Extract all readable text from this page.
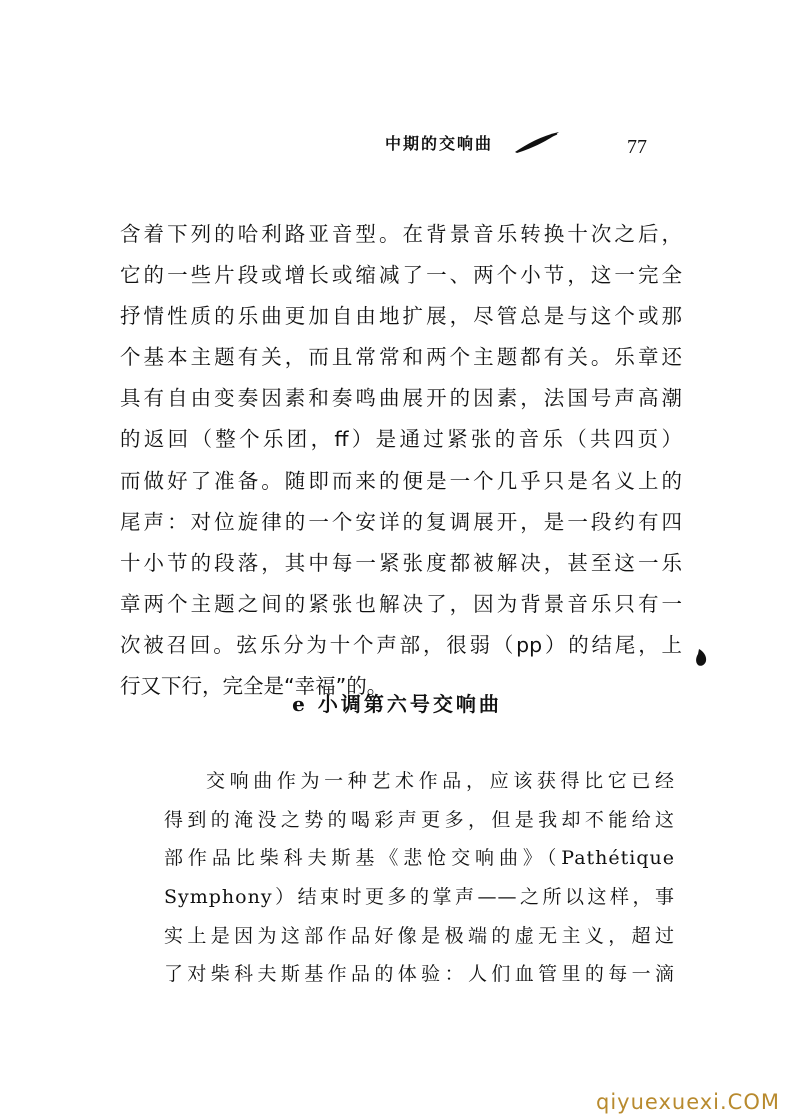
中期的交响曲	77
含着下列的哈利路亚音型。在背景音乐转换十次之后，
它的一些片段或增长或缩减了一、两个小节，这一完全
抒情性质的乐曲更加自由地扩展，尽管总是与这个或那
个基本主题有关，而且常常和两个主题都有关。乐章还
具有自由变奏因素和奏鸣曲展开的因素，法国号声高潮
的返回（整个乐团，ff）是通过紧张的音乐（共四页）
而做好了准备。随即而来的便是一个几乎只是名义上的
尾声：对位旋律的一个安详的复调展开，是一段约有四
十小节的段落，其中每一紧张度都被解决，甚至这一乐
章两个主题之间的紧张也解决了，因为背景音乐只有一
次被召回。弦乐分为十个声部，很弱（pp）的结尾，上
行又下行，完全是“幸福”的。
e 小调第六号交响曲
交响曲作为一种艺术作品，应该获得比它已经
得到的淹没之势的喝彩声更多，但是我却不能给这
部作品比柴科夫斯基《悲怆交响曲》（Pathétique
Symphony）结束时更多的掌声——之所以这样，事
实上是因为这部作品好像是极端的虚无主义，超过
了对柴科夫斯基作品的体验：人们血管里的每一滴
qiyuexuexi.COM
